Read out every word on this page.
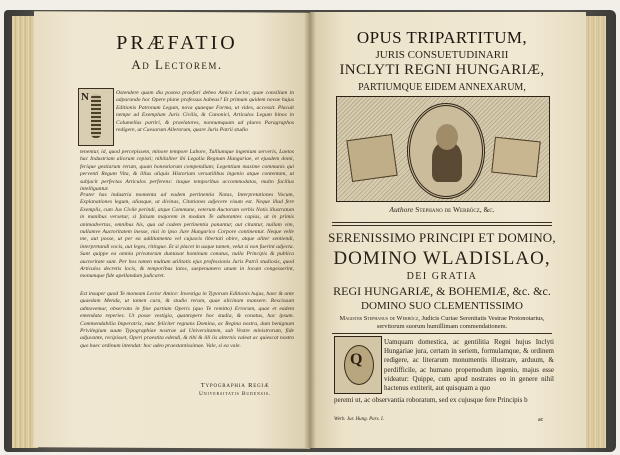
PRÆFATIO
Ad Lectorem.
N	Ostendere quam diu postea praefari debeo Amice Lector, quae consilium in adparando hoc Opere plane professus habeas? Et primum quidem novae hujus Editionis Patronum Legum, nova quaeque Forma, ut vides, accessit. Placuit nempe ad Exemplum Juris Civilis, & Canonici, Articulos Legum binos in Columellas partiri, & praelatores, nonnumquam ad plures Paragraphos redigere, ut Caesarum Allerorum, quare Juris Patrii studio
tenentur, id, quod percepissem, minore tempore Labore, Tulliumque ingenium serveris, Laetos hac Industriam aliorum cepisti; nihilaliter ibi Legalia Regnum Hungariae, et ejusdem domi, ferique gestiarum rerum, quam honestiorum compendium; Legentium maxime communis qui perventi Regum Vita, & illius aliquis Historiam versatilibus ingenio atque contentam, ut subjacit perfectas Articulos perferens: itaque temporibus accommodatas, multo facilius intelliguntur.
Prater has industria momenta ad eadem pertinentia Notas, Interpretationes Vocum, Explanationes legum, aliasque, ut divinas, Citationes adjecere visum est. Neque illud fere Exemplis, cum Jus Civile perindi, atque Commune, veterum Auctorum verbis Notis illustratum in manibus versetur, si falsam majorem in modum Te adnotantes capias, ut in primis animadvertas, omnibus his, qua ad cadem pertinentia panantur, aut citantur, nullam vim, nullamve Auctoritatem inesse, nisi in ipso Jure Hungarico Corpore continentur. Neque velle me, aut posse, ut per ea additamenta vel cujusvis libertati obire, atque aliter sentiendi, interpretandi vocis, aut leges, ritingue. Et si placet in usque tamen, velut si non fuerint adjecta. Sunt quippe ea omnia privatorum duntaxat hominum conatus, nulla Principis & publica auctoritate sunt. Per hos tamen multum utilitatis ejus professionis Juris Patrii studiosis, quod Articulos decretis locis, & temporibus latos, saepenumero unum in locum congesserint, monumque fide apellandum judicaret.
Est insuper quod Te moneam Lector Amice: Investiga in Typorum Editionis hujus, haec & ante quaedam Menda, ut tamen cura, & studio rerum, quae alicinam mansere. Rescissum admovemur, observata in fine partium Operis (quo Te remitto) Errorum, quae et eadem emendata reperies. Ut posse vestigia, quantopere hoc studia, & conatus, hac ipsum. Commendabilia Imperatrix, nunc feliciter regnans Domina, ac Regina nostra, dum benignum Privilegium suum Typographiae nostrae ad Universitatem, sub Vestre ministrorum, fide adjuvante, recipisset, Operi praestita edendi, & tibi & illi iis alternis valeat ac quiescat nostro quo haec ordinum intendat: hoc adeo praestantissimae. Vale, si ea vale.
Typographia Regiæ
Universitatis Budensis.
OPUS TRIPARTITUM,
JURIS CONSUETUDINARII
INCLYTI REGNI HUNGARIÆ,
PARTIUMQUE EIDEM ANNEXARUM,
Authore Stephano de Werböcz, &c.
SERENISSIMO PRINCIPI ET DOMINO,
DOMINO WLADISLAO,
DEI GRATIA
REGI HUNGARIÆ, & BOHEMIÆ, &c. &c.
DOMINO SUO CLEMENTISSIMO
Magister Stephanus de Werböcz, Judicis Curiae Serenitatis Vestrae Protonotarius, servitorum suorum humillimam commendationem.
Q
Uamquam domestica, ac gentilitia Regni hujus Inclyti Hungariae jura, certam in seriem, formulamque, & ordinem redigere, ac literarum monumentis illustrare, arduum, & perdifficile, ac humano propemodum ingenio, majus esse videatur: Quippe, cum apud nostrates eo in genere nihil hactenus extiterit, aut quisquam a quo
peremi ut, ac observantia roboratum, sed ex cujusque fere Principis b
Werb. Jur. Hung. Pars. I.	ac
